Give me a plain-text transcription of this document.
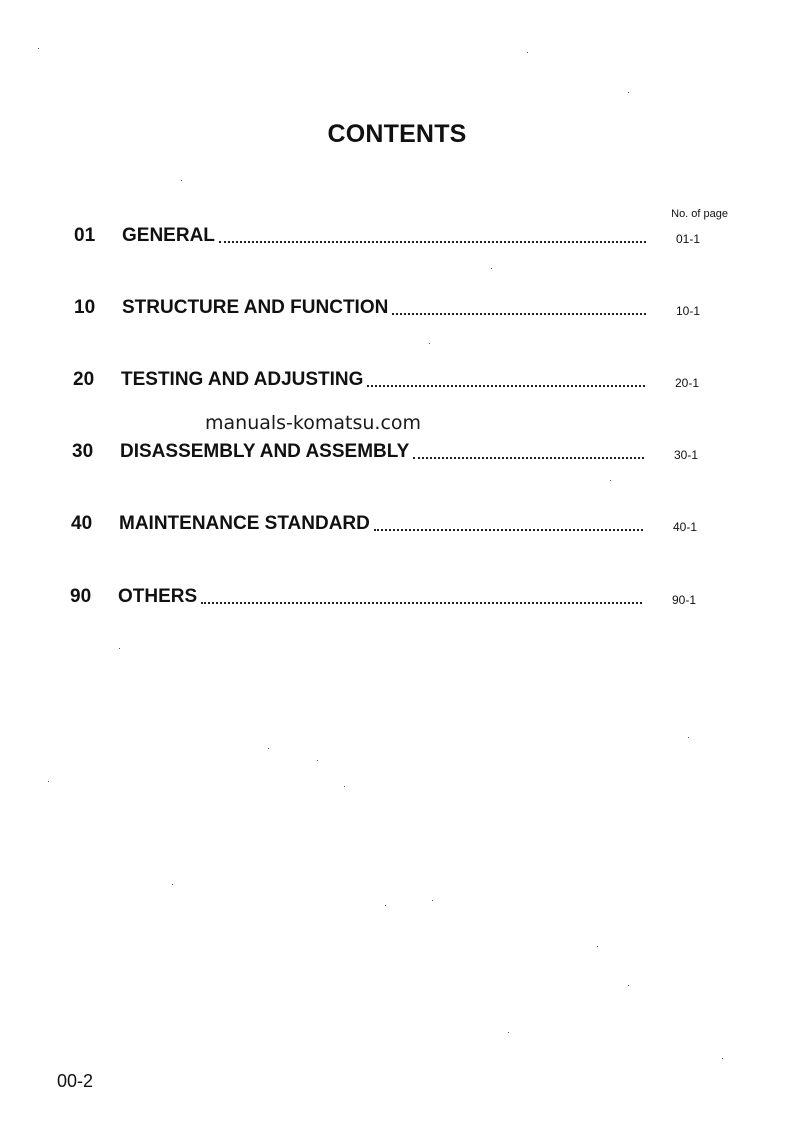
CONTENTS
No. of page
01	GENERAL	01-1
10	STRUCTURE AND FUNCTION	10-1
20	TESTING AND ADJUSTING	20-1
30	DISASSEMBLY AND ASSEMBLY	30-1
40	MAINTENANCE STANDARD	40-1
90	OTHERS	90-1
manuals-komatsu.com
00-2
